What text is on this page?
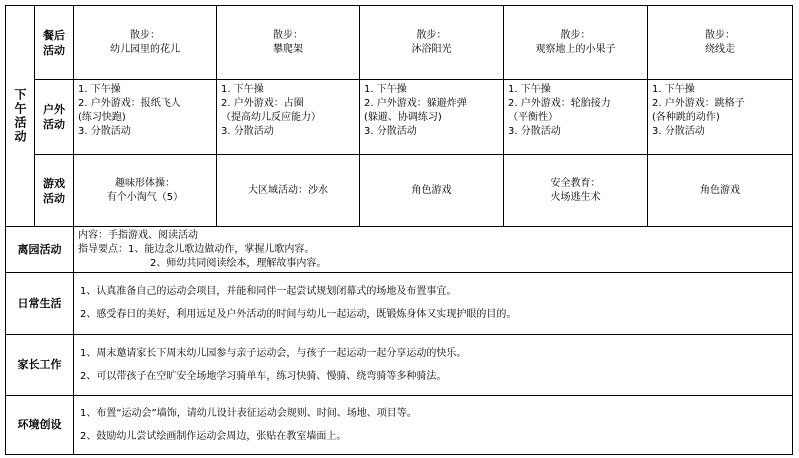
下午活动
餐后活动
户外活动
游戏活动
散步：
幼儿园里的花儿
1. 下午操
2. 户外游戏：报纸飞人
(练习快跑)
3. 分散活动
趣味形体操：
有个小淘气（5）
散步：
攀爬架
1. 下午操
2. 户外游戏：占圈
（提高幼儿反应能力）
3. 分散活动
大区域活动：沙水
散步：
沐浴阳光
1. 下午操
2. 户外游戏：躲避炸弹
(躲避、协调练习)
3. 分散活动
角色游戏
散步：
观察地上的小果子
1. 下午操
2. 户外游戏：轮胎接力
（平衡性）
3. 分散活动
安全教育：
火场逃生术
散步：
绕线走
1. 下午操
2. 户外游戏：跳格子
(各种跳的动作)
3. 分散活动
角色游戏
离园活动
内容：手指游戏、阅读活动
指导要点：1、能边念儿歌边做动作，掌握儿歌内容。
2、师幼共同阅读绘本，理解故事内容。
日常生活
1、认真准备自己的运动会项目，并能和同伴一起尝试规划闭幕式的场地及布置事宜。
2、感受春日的美好，利用远足及户外活动的时间与幼儿一起运动，既锻炼身体又实现护眼的目的。
家长工作
1、周末邀请家长下周末幼儿园参与亲子运动会，与孩子一起运动一起分享运动的快乐。
2、可以带孩子在空旷安全场地学习骑单车，练习快骑、慢骑、绕弯骑等多种骑法。
环境创设
1、布置“运动会”墙饰，请幼儿设计表征运动会规则、时间、场地、项目等。
2、鼓励幼儿尝试绘画制作运动会周边，张贴在教室墙面上。
